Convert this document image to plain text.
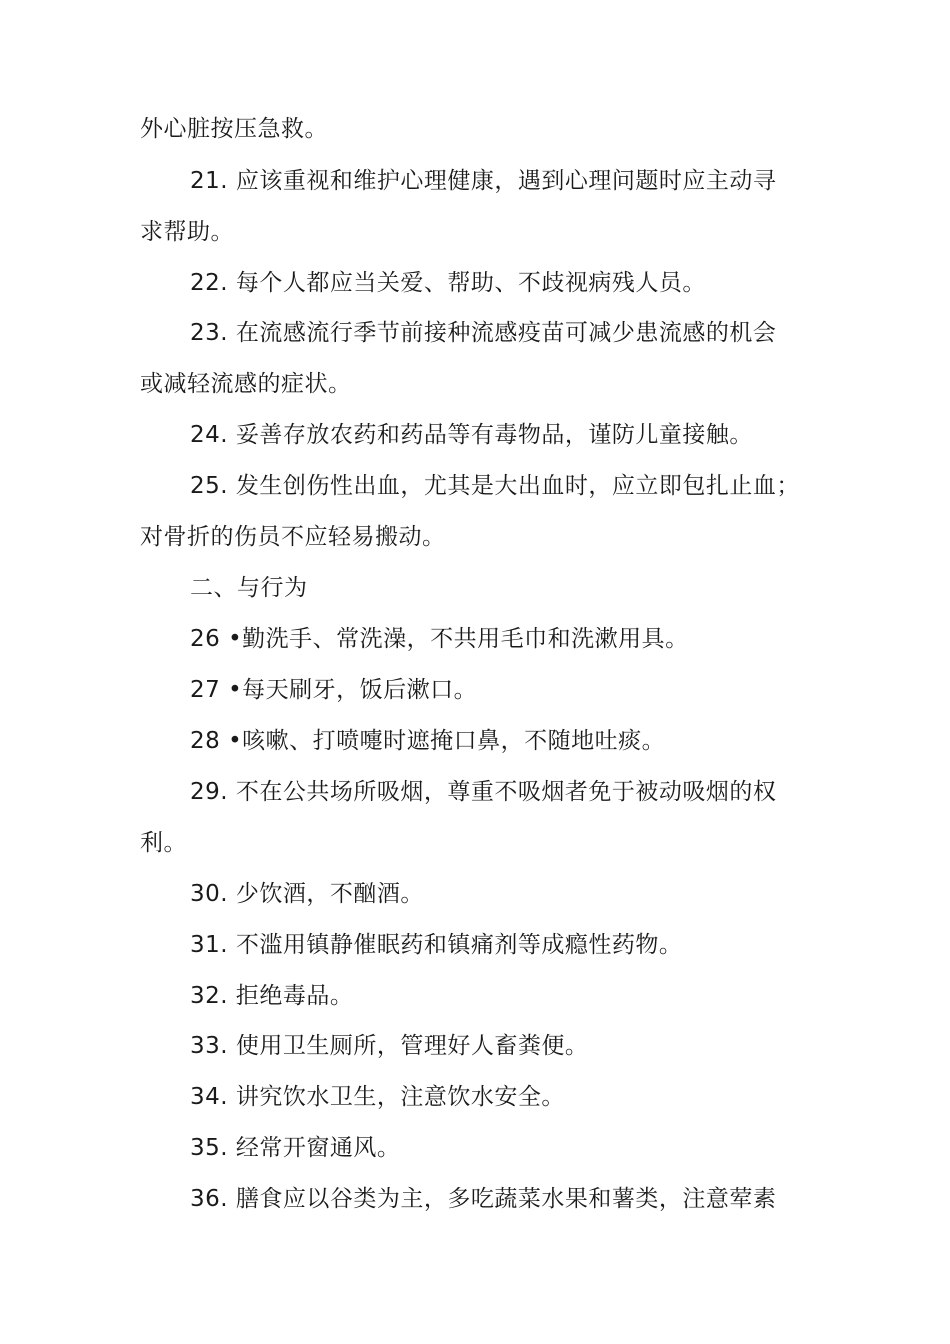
外心脏按压急救。
21. 应该重视和维护心理健康，遇到心理问题时应主动寻
求帮助。
22. 每个人都应当关爱、帮助、不歧视病残人员。
23. 在流感流行季节前接种流感疫苗可减少患流感的机会
或减轻流感的症状。
24. 妥善存放农药和药品等有毒物品，谨防儿童接触。
25. 发生创伤性出血，尤其是大出血时，应立即包扎止血；
对骨折的伤员不应轻易搬动。
二、与行为
26 •勤洗手、常洗澡，不共用毛巾和洗漱用具。
27 •每天刷牙，饭后漱口。
28 •咳嗽、打喷嚏时遮掩口鼻，不随地吐痰。
29. 不在公共场所吸烟，尊重不吸烟者免于被动吸烟的权
利。
30. 少饮酒，不酗酒。
31. 不滥用镇静催眠药和镇痛剂等成瘾性药物。
32. 拒绝毒品。
33. 使用卫生厕所，管理好人畜粪便。
34. 讲究饮水卫生，注意饮水安全。
35. 经常开窗通风。
36. 膳食应以谷类为主，多吃蔬菜水果和薯类，注意荤素
